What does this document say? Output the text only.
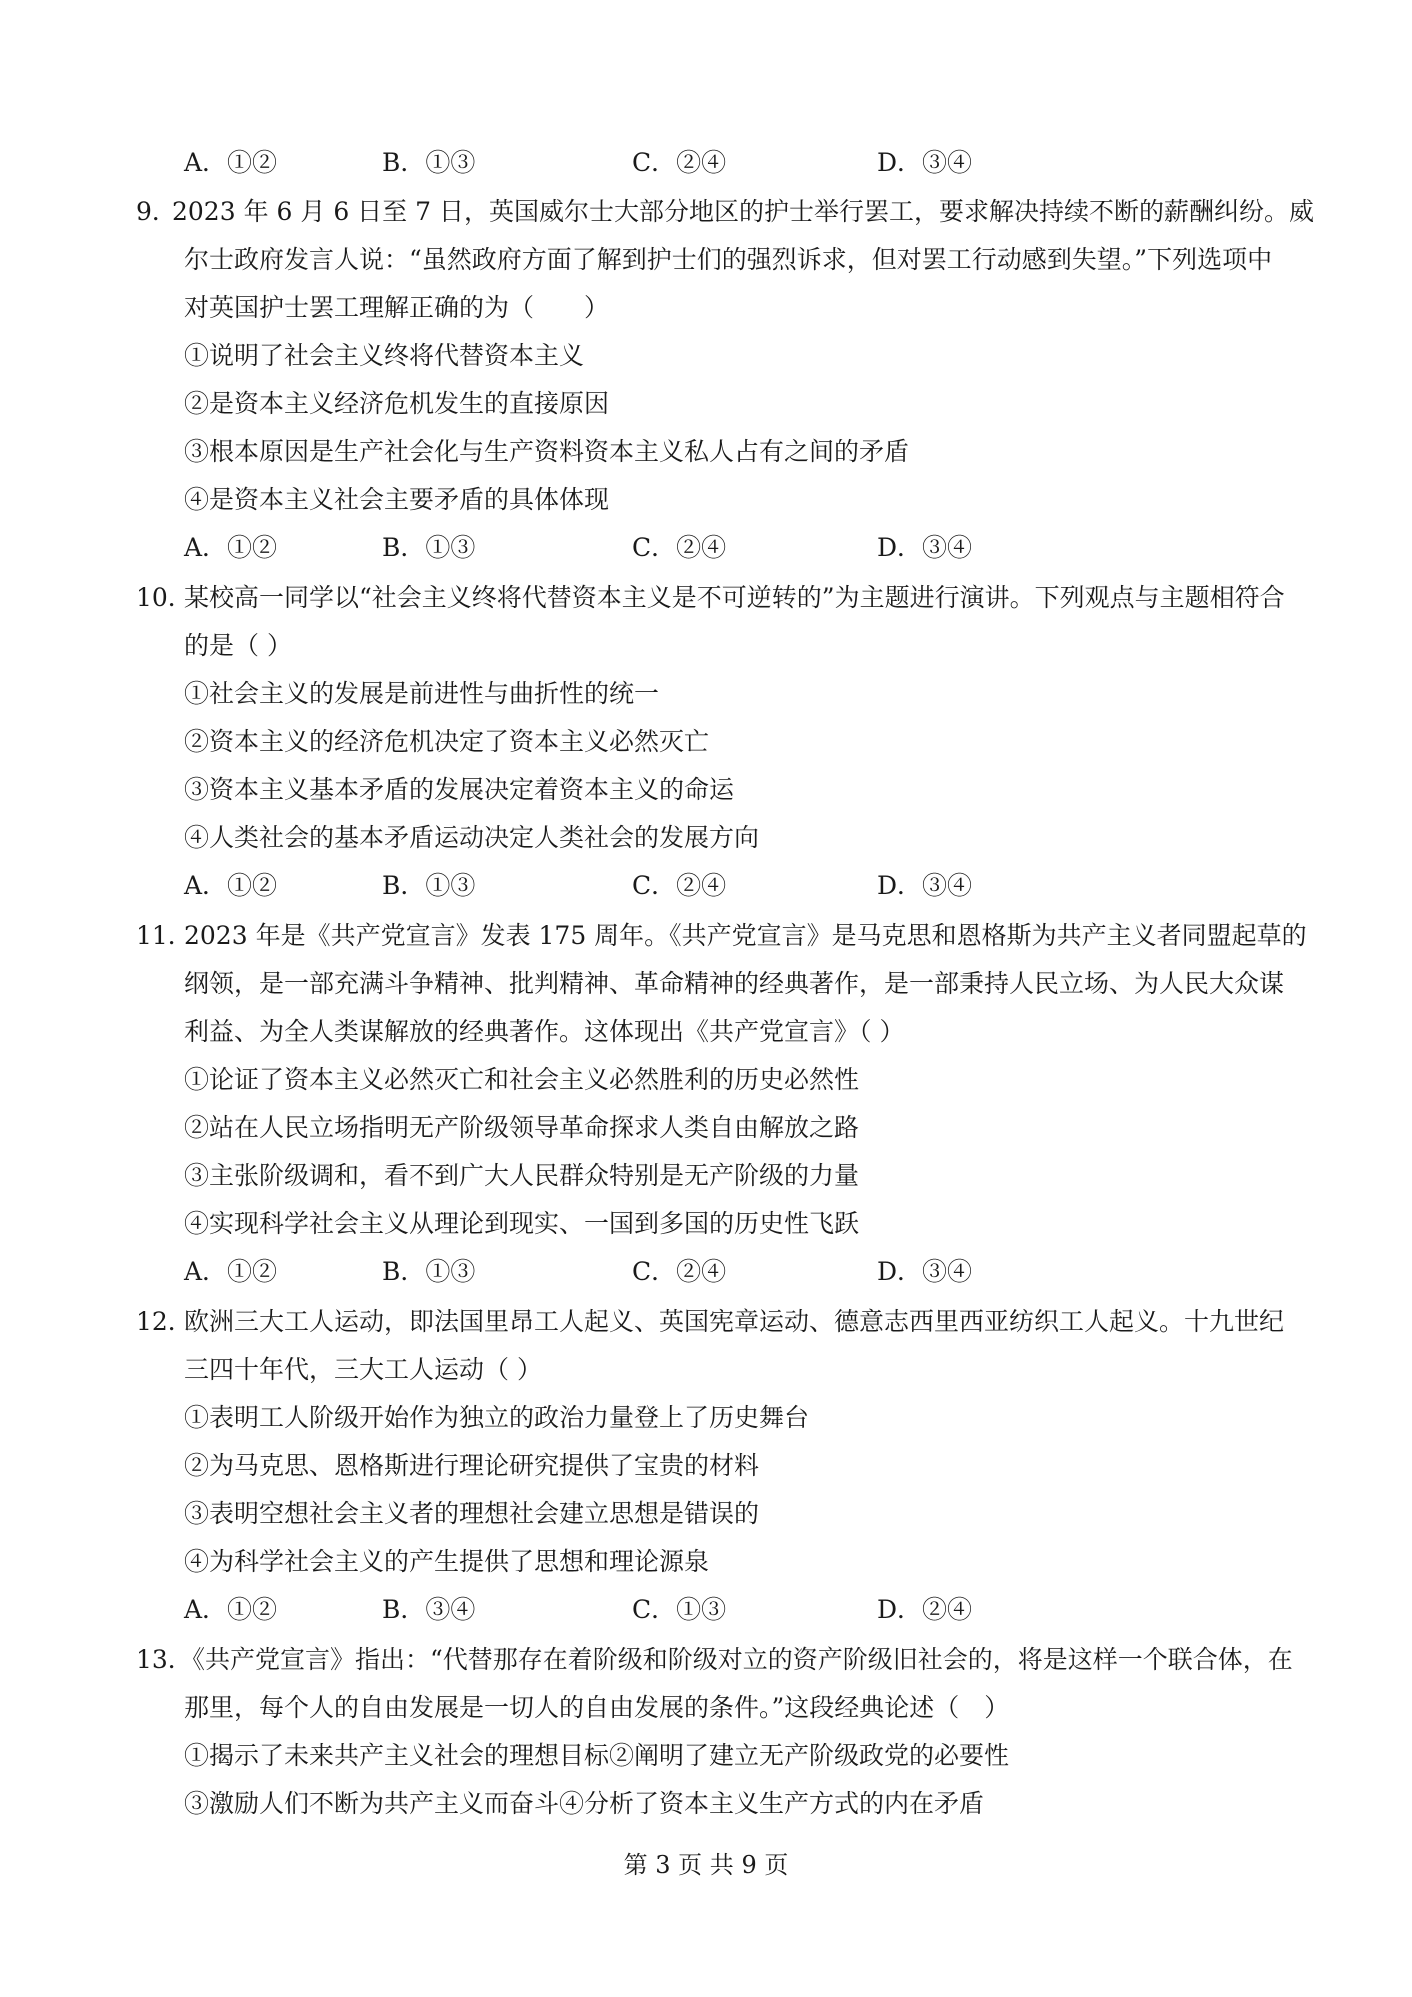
A．①②	B．①③	C．②④	D．③④
9．
2023 年 6 月 6 日至 7 日，英国威尔士大部分地区的护士举行罢工，要求解决持续不断的薪酬纠纷。威
尔士政府发言人说：“虽然政府方面了解到护士们的强烈诉求，但对罢工行动感到失望。”下列选项中
对英国护士罢工理解正确的为（　　）
①说明了社会主义终将代替资本主义
②是资本主义经济危机发生的直接原因
③根本原因是生产社会化与生产资料资本主义私人占有之间的矛盾
④是资本主义社会主要矛盾的具体体现
A．①②	B．①③	C．②④	D．③④
10．
某校高一同学以“社会主义终将代替资本主义是不可逆转的”为主题进行演讲。下列观点与主题相符合
的是（ ）
①社会主义的发展是前进性与曲折性的统一
②资本主义的经济危机决定了资本主义必然灭亡
③资本主义基本矛盾的发展决定着资本主义的命运
④人类社会的基本矛盾运动决定人类社会的发展方向
A．①②	B．①③	C．②④	D．③④
11．
2023 年是《共产党宣言》发表 175 周年。《共产党宣言》是马克思和恩格斯为共产主义者同盟起草的
纲领，是一部充满斗争精神、批判精神、革命精神的经典著作，是一部秉持人民立场、为人民大众谋
利益、为全人类谋解放的经典著作。这体现出《共产党宣言》（ ）
①论证了资本主义必然灭亡和社会主义必然胜利的历史必然性
②站在人民立场指明无产阶级领导革命探求人类自由解放之路
③主张阶级调和，看不到广大人民群众特别是无产阶级的力量
④实现科学社会主义从理论到现实、一国到多国的历史性飞跃
A．①②	B．①③	C．②④	D．③④
12．
欧洲三大工人运动，即法国里昂工人起义、英国宪章运动、德意志西里西亚纺织工人起义。十九世纪
三四十年代，三大工人运动（ ）
①表明工人阶级开始作为独立的政治力量登上了历史舞台
②为马克思、恩格斯进行理论研究提供了宝贵的材料
③表明空想社会主义者的理想社会建立思想是错误的
④为科学社会主义的产生提供了思想和理论源泉
A．①②	B．③④	C．①③	D．②④
13．
《共产党宣言》指出：“代替那存在着阶级和阶级对立的资产阶级旧社会的，将是这样一个联合体，在
那里，每个人的自由发展是一切人的自由发展的条件。”这段经典论述（　）
①揭示了未来共产主义社会的理想目标②阐明了建立无产阶级政党的必要性
③激励人们不断为共产主义而奋斗④分析了资本主义生产方式的内在矛盾
第 3 页 共 9 页
